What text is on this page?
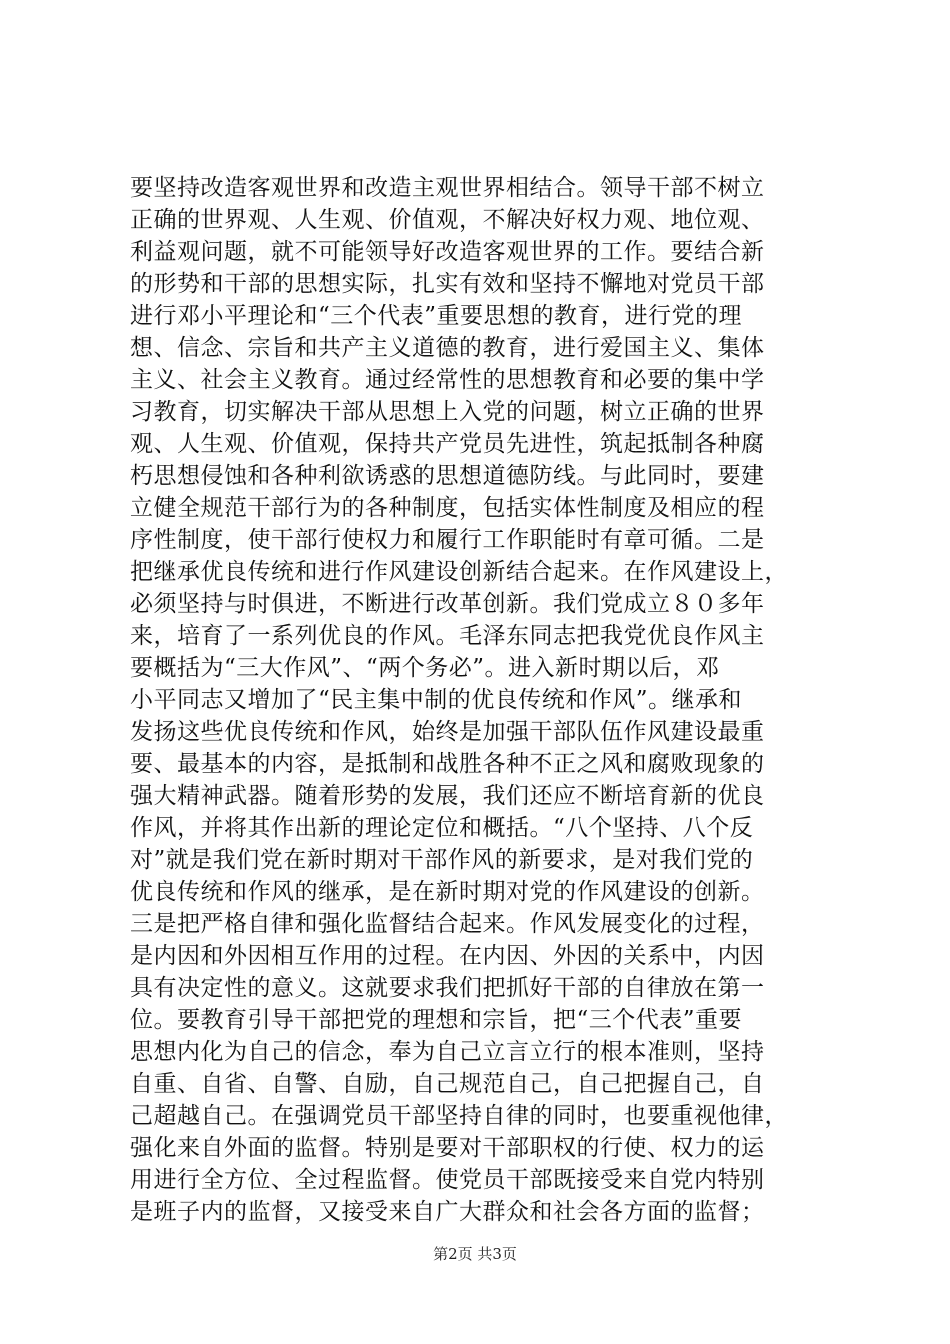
要坚持改造客观世界和改造主观世界相结合。领导干部不树立
正确的世界观、人生观、价值观，不解决好权力观、地位观、
利益观问题，就不可能领导好改造客观世界的工作。要结合新
的形势和干部的思想实际，扎实有效和坚持不懈地对党员干部
进行邓小平理论和“三个代表”重要思想的教育，进行党的理
想、信念、宗旨和共产主义道德的教育，进行爱国主义、集体
主义、社会主义教育。通过经常性的思想教育和必要的集中学
习教育，切实解决干部从思想上入党的问题，树立正确的世界
观、人生观、价值观，保持共产党员先进性，筑起抵制各种腐
朽思想侵蚀和各种利欲诱惑的思想道德防线。与此同时，要建
立健全规范干部行为的各种制度，包括实体性制度及相应的程
序性制度，使干部行使权力和履行工作职能时有章可循。二是
把继承优良传统和进行作风建设创新结合起来。在作风建设上，
必须坚持与时俱进，不断进行改革创新。我们党成立８０多年
来，培育了一系列优良的作风。毛泽东同志把我党优良作风主
要概括为“三大作风”、“两个务必”。进入新时期以后，邓
小平同志又增加了“民主集中制的优良传统和作风”。继承和
发扬这些优良传统和作风，始终是加强干部队伍作风建设最重
要、最基本的内容，是抵制和战胜各种不正之风和腐败现象的
强大精神武器。随着形势的发展，我们还应不断培育新的优良
作风，并将其作出新的理论定位和概括。“八个坚持、八个反
对”就是我们党在新时期对干部作风的新要求，是对我们党的
优良传统和作风的继承，是在新时期对党的作风建设的创新。
三是把严格自律和强化监督结合起来。作风发展变化的过程，
是内因和外因相互作用的过程。在内因、外因的关系中，内因
具有决定性的意义。这就要求我们把抓好干部的自律放在第一
位。要教育引导干部把党的理想和宗旨，把“三个代表”重要
思想内化为自己的信念，奉为自己立言立行的根本准则，坚持
自重、自省、自警、自励，自己规范自己，自己把握自己，自
己超越自己。在强调党员干部坚持自律的同时，也要重视他律，
强化来自外面的监督。特别是要对干部职权的行使、权力的运
用进行全方位、全过程监督。使党员干部既接受来自党内特别
是班子内的监督，又接受来自广大群众和社会各方面的监督；
第2页 共3页
